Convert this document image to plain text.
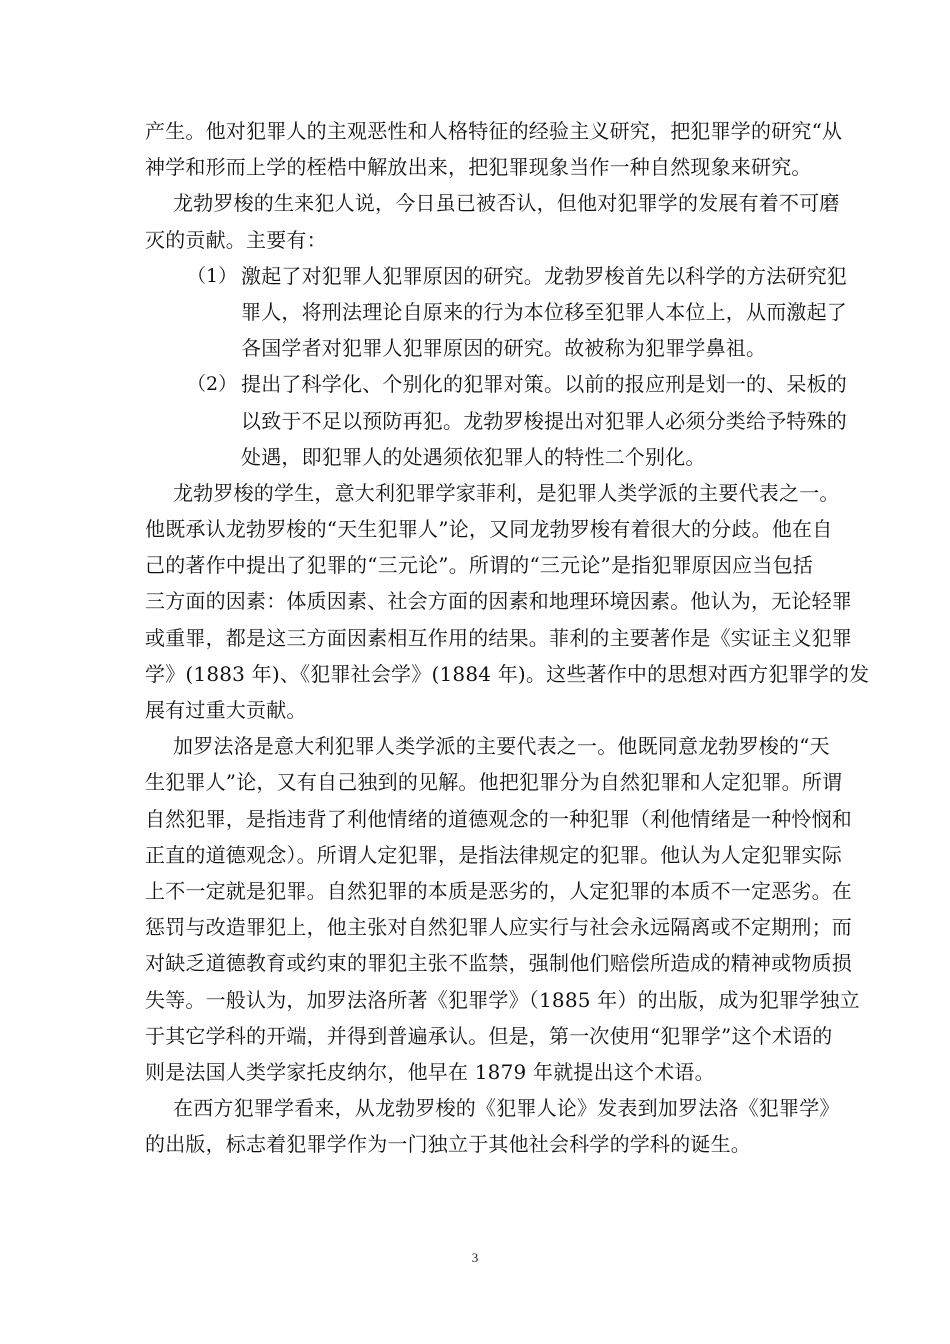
产生。他对犯罪人的主观恶性和人格特征的经验主义研究，把犯罪学的研究“从
神学和形而上学的桎梏中解放出来，把犯罪现象当作一种自然现象来研究。
龙勃罗梭的生来犯人说，今日虽已被否认，但他对犯罪学的发展有着不可磨
灭的贡献。主要有：
（1） 激起了对犯罪人犯罪原因的研究。龙勃罗梭首先以科学的方法研究犯
罪人，将刑法理论自原来的行为本位移至犯罪人本位上，从而激起了
各国学者对犯罪人犯罪原因的研究。故被称为犯罪学鼻祖。
（2） 提出了科学化、个别化的犯罪对策。以前的报应刑是划一的、呆板的
以致于不足以预防再犯。龙勃罗梭提出对犯罪人必须分类给予特殊的
处遇，即犯罪人的处遇须依犯罪人的特性二个别化。
龙勃罗梭的学生，意大利犯罪学家菲利，是犯罪人类学派的主要代表之一。
他既承认龙勃罗梭的“天生犯罪人”论，又同龙勃罗梭有着很大的分歧。他在自
己的著作中提出了犯罪的“三元论”。所谓的“三元论”是指犯罪原因应当包括
三方面的因素：体质因素、社会方面的因素和地理环境因素。他认为，无论轻罪
或重罪，都是这三方面因素相互作用的结果。菲利的主要著作是《实证主义犯罪
学》(1883 年)、《犯罪社会学》(1884 年)。这些著作中的思想对西方犯罪学的发
展有过重大贡献。
加罗法洛是意大利犯罪人类学派的主要代表之一。他既同意龙勃罗梭的“天
生犯罪人”论，又有自己独到的见解。他把犯罪分为自然犯罪和人定犯罪。所谓
自然犯罪，是指违背了利他情绪的道德观念的一种犯罪（利他情绪是一种怜悯和
正直的道德观念）。所谓人定犯罪，是指法律规定的犯罪。他认为人定犯罪实际
上不一定就是犯罪。自然犯罪的本质是恶劣的，人定犯罪的本质不一定恶劣。在
惩罚与改造罪犯上，他主张对自然犯罪人应实行与社会永远隔离或不定期刑；而
对缺乏道德教育或约束的罪犯主张不监禁，强制他们赔偿所造成的精神或物质损
失等。一般认为，加罗法洛所著《犯罪学》（1885 年）的出版，成为犯罪学独立
于其它学科的开端，并得到普遍承认。但是，第一次使用“犯罪学”这个术语的
则是法国人类学家托皮纳尔，他早在 1879 年就提出这个术语。
在西方犯罪学看来，从龙勃罗梭的《犯罪人论》发表到加罗法洛《犯罪学》
的出版，标志着犯罪学作为一门独立于其他社会科学的学科的诞生。
3
